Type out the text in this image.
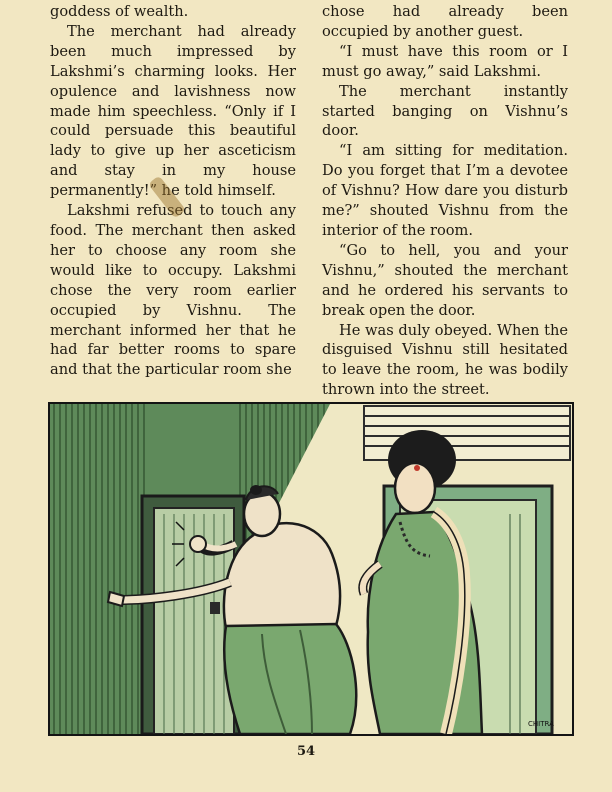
goddess of wealth.

The merchant had already been much impressed by Lakshmi’s charming looks. Her opulence and lavishness now made him speechless. “Only if I could persuade this beautiful lady to give up her asceticism and stay in my house permanently!” he told himself.

Lakshmi refused to touch any food. The merchant then asked her to choose any room she would like to occupy. Lakshmi chose the very room earlier occupied by Vishnu. The merchant informed her that he had far better rooms to spare and that the particular room she

chose had already been occupied by another guest.

“I must have this room or I must go away,” said Lakshmi.

The merchant instantly started banging on Vishnu’s door.

“I am sitting for meditation. Do you forget that I’m a devotee of Vishnu? How dare you disturb me?” shouted Vishnu from the interior of the room.

“Go to hell, you and your Vishnu,” shouted the merchant and he ordered his servants to break open the door.

He was duly obeyed. When the disguised Vishnu still hesitated to leave the room, he was bodily thrown into the street.

CHITRA
54
